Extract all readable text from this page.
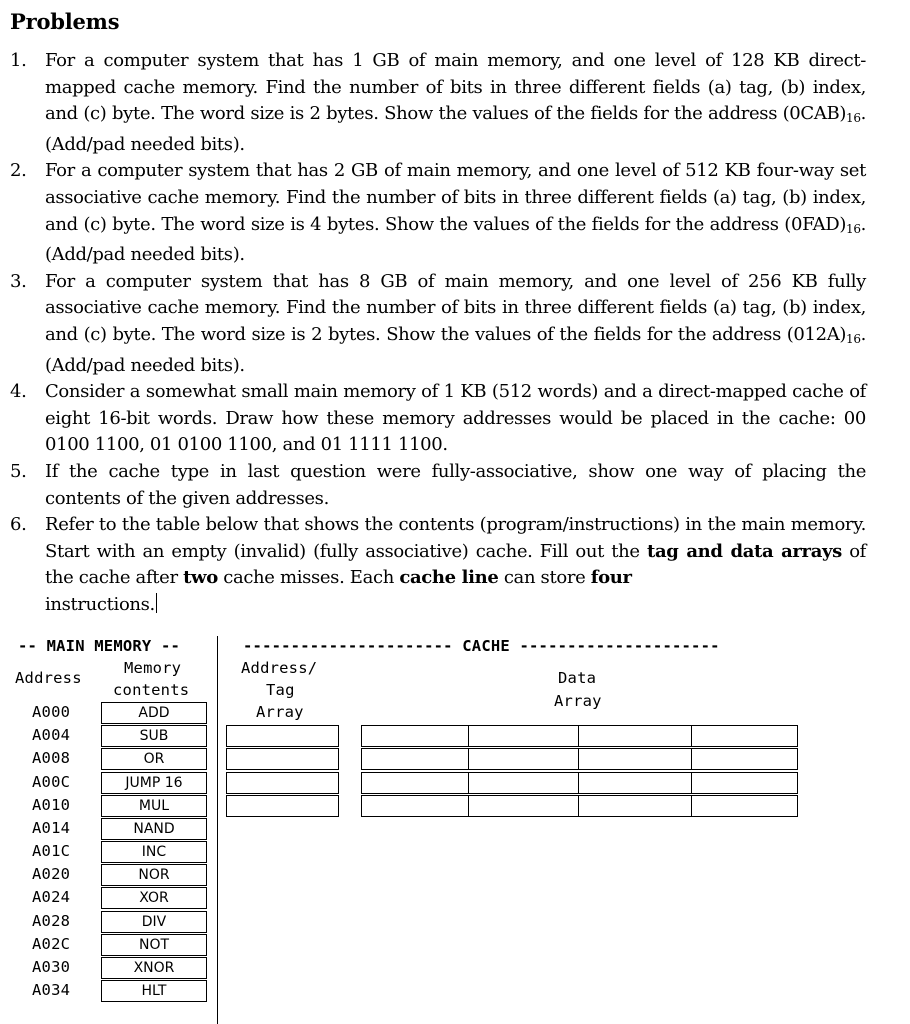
Problems
1. For a computer system that has 1 GB of main memory, and one level of 128 KB direct-mapped cache memory. Find the number of bits in three different fields (a) tag, (b) index, and (c) byte. The word size is 2 bytes. Show the values of the fields for the address $(0CAB)_{16}$. (Add/pad needed bits).
2. For a computer system that has 2 GB of main memory, and one level of 512 KB four-way set associative cache memory. Find the number of bits in three different fields (a) tag, (b) index, and (c) byte. The word size is 4 bytes. Show the values of the fields for the address $(0FAD)_{16}$. (Add/pad needed bits).
3. For a computer system that has 8 GB of main memory, and one level of 256 KB fully associative cache memory. Find the number of bits in three different fields (a) tag, (b) index, and (c) byte. The word size is 2 bytes. Show the values of the fields for the address $(012A)_{16}$. (Add/pad needed bits).
4. Consider a somewhat small main memory of 1 KB (512 words) and a direct-mapped cache of eight 16-bit words. Draw how these memory addresses would be placed in the cache: 00 0100 1100, 01 0100 1100, and 01 1111 1100.
5. If the cache type in last question were fully-associative, show one way of placing the contents of the given addresses.
6. Refer to the table below that shows the contents (program/instructions) in the main memory. Start with an empty (invalid) (fully associative) cache. Fill out the tag and data arrays of the cache after two cache misses. Each cache line can store four
instructions.
-- MAIN MEMORY --
Address
Memory
contents
A000	ADD
A004	SUB
A008	OR
A00C	JUMP 16
A010	MUL
A014	NAND
A01C	INC
A020	NOR
A024	XOR
A028	DIV
A02C	NOT
A030	XNOR
A034	HLT
---------------------- CACHE ---------------------
Address/
Tag
Array
Data
Array
